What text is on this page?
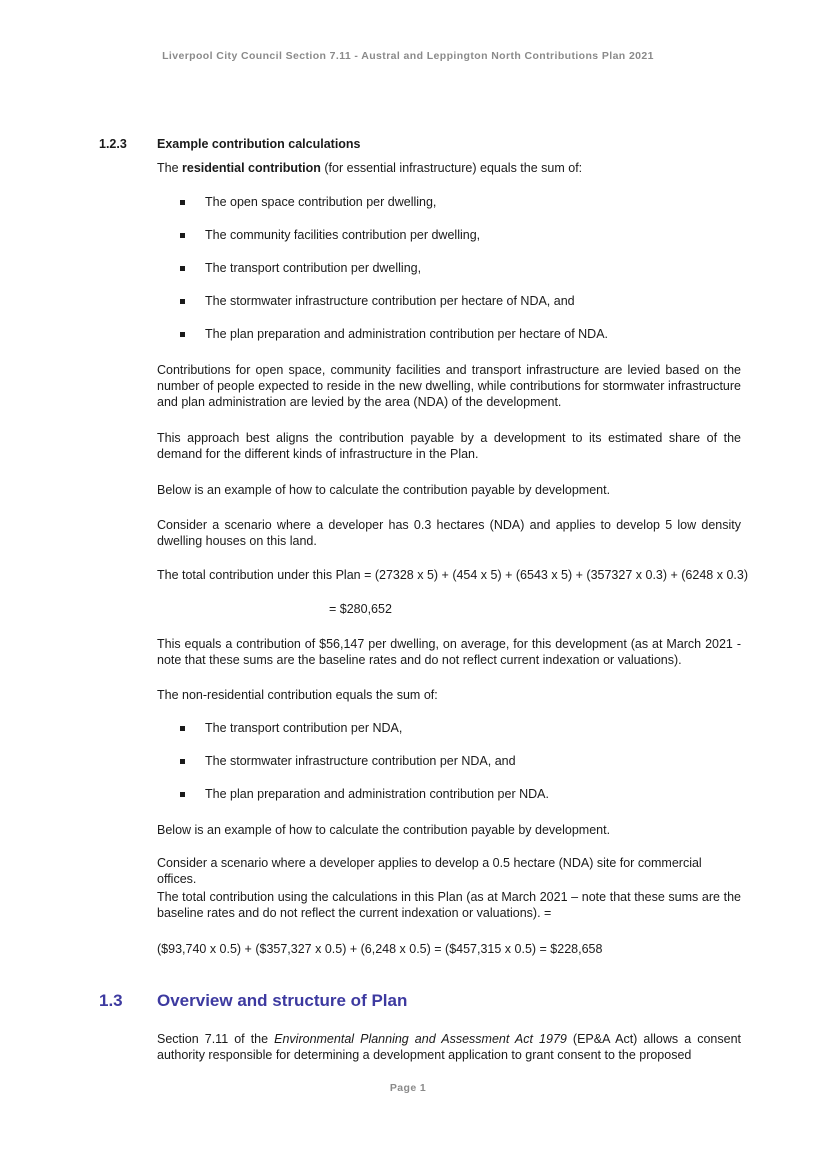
Liverpool City Council Section 7.11 - Austral and Leppington North Contributions Plan 2021
1.2.3 Example contribution calculations

The residential contribution (for essential infrastructure) equals the sum of:

The open space contribution per dwelling,
The community facilities contribution per dwelling,
The transport contribution per dwelling,
The stormwater infrastructure contribution per hectare of NDA, and
The plan preparation and administration contribution per hectare of NDA.
Contributions for open space, community facilities and transport infrastructure are levied based on the number of people expected to reside in the new dwelling, while contributions for stormwater infrastructure and plan administration are levied by the area (NDA) of the development.
This approach best aligns the contribution payable by a development to its estimated share of the demand for the different kinds of infrastructure in the Plan.
Below is an example of how to calculate the contribution payable by development.
Consider a scenario where a developer has 0.3 hectares (NDA) and applies to develop 5 low density dwelling houses on this land.
The total contribution under this Plan = (27328 x 5) + (454 x 5) + (6543 x 5) + (357327 x 0.3) + (6248 x 0.3)
= $280,652
This equals a contribution of $56,147 per dwelling, on average, for this development (as at March 2021 - note that these sums are the baseline rates and do not reflect current indexation or valuations).
The non-residential contribution equals the sum of:
The transport contribution per NDA,
The stormwater infrastructure contribution per NDA, and
The plan preparation and administration contribution per NDA.
Below is an example of how to calculate the contribution payable by development.
Consider a scenario where a developer applies to develop a 0.5 hectare (NDA) site for commercial offices.
The total contribution using the calculations in this Plan (as at March 2021 – note that these sums are the baseline rates and do not reflect the current indexation or valuations). =
($93,740 x 0.5) + ($357,327 x 0.5) + (6,248 x 0.5) = ($457,315 x 0.5) = $228,658
1.3 Overview and structure of Plan
Section 7.11 of the Environmental Planning and Assessment Act 1979 (EP&A Act) allows a consent authority responsible for determining a development application to grant consent to the proposed
Page 1
